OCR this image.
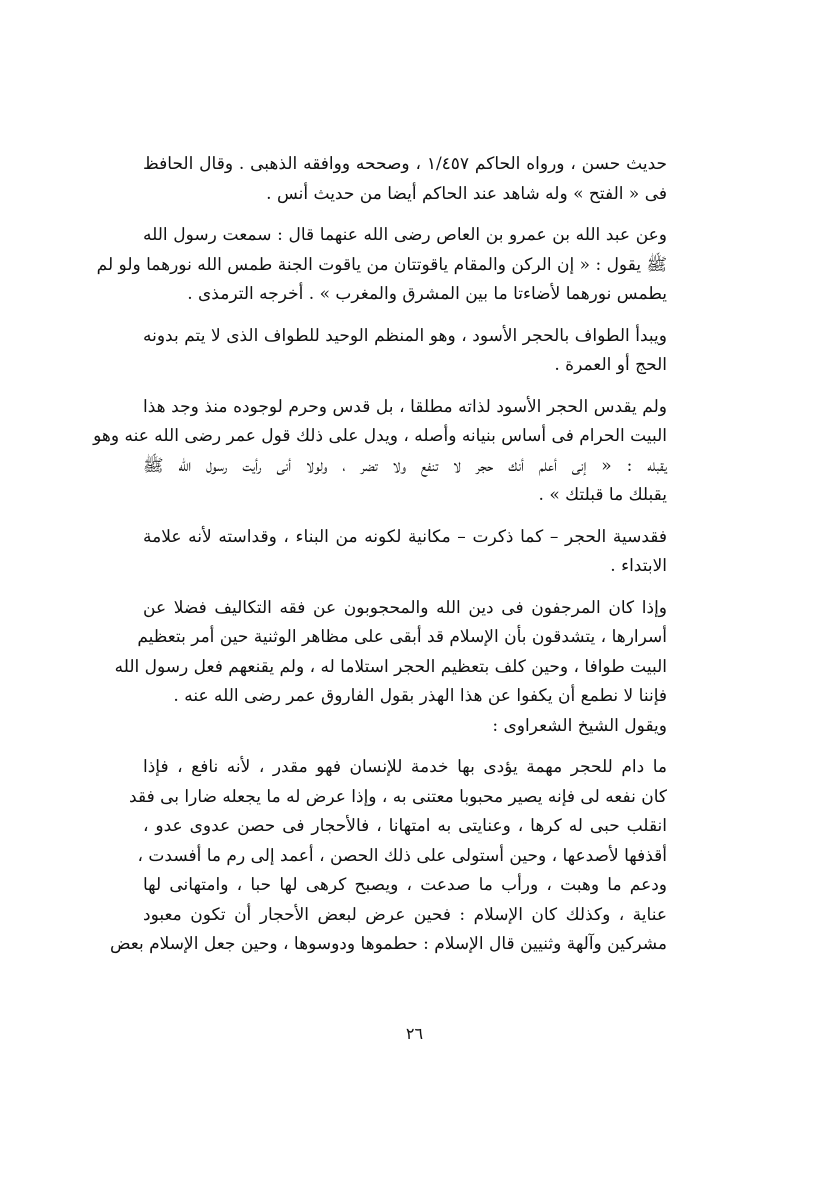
حديث حسن ، ورواه الحاكم ١/٤٥٧ ، وصححه ووافقه الذهبى . وقال الحافظ
فى « الفتح » وله شاهد عند الحاكم أيضا من حديث أنس .

وعن عبد الله بن عمرو بن العاص رضى الله عنهما قال : سمعت رسول الله
ﷺ يقول : « إن الركن والمقام ياقوتتان من ياقوت الجنة طمس الله نورهما ولو لم
يطمس نورهما لأضاءتا ما بين المشرق والمغرب » . أخرجه الترمذى .

ويبدأ الطواف بالحجر الأسود ، وهو المنظم الوحيد للطواف الذى لا يتم بدونه
الحج أو العمرة .

ولم يقدس الحجر الأسود لذاته مطلقا ، بل قدس وحرم لوجوده منذ وجد هذا
البيت الحرام فى أساس بنيانه وأصله ، ويدل على ذلك قول عمر رضى الله عنه وهو
يقبله : « إنى أعلم أنك حجر لا تنفع ولا تضر ، ولولا أنى رأيت رسول الله ﷺ
يقبلك ما قبلتك » .

فقدسية الحجر – كما ذكرت – مكانية لكونه من البناء ، وقداسته لأنه علامة
الابتداء .

وإذا كان المرجفون فى دين الله والمحجوبون عن فقه التكاليف فضلا عن
أسرارها ، يتشدقون بأن الإسلام قد أبقى على مظاهر الوثنية حين أمر بتعظيم
البيت طوافا ، وحين كلف بتعظيم الحجر استلاما له ، ولم يقنعهم فعل رسول الله
فإننا لا نطمع أن يكفوا عن هذا الهذر بقول الفاروق عمر رضى الله عنه .
ويقول الشيخ الشعراوى :

ما دام للحجر مهمة يؤدى بها خدمة للإنسان فهو مقدر ، لأنه نافع ، فإذا
كان نفعه لى فإنه يصير محبوبا معتنى به ، وإذا عرض له ما يجعله ضارا بى فقد
انقلب حبى له كرها ، وعنايتى به امتهانا ، فالأحجار فى حصن عدوى عدو ،
أقذفها لأصدعها ، وحين أستولى على ذلك الحصن ، أعمد إلى رم ما أفسدت ،
ودعم ما وهبت ، ورأب ما صدعت ، ويصبح كرهى لها حبا ، وامتهانى لها
عناية ، وكذلك كان الإسلام : فحين عرض لبعض الأحجار أن تكون معبود
مشركين وآلهة وثنيين قال الإسلام : حطموها ودوسوها ، وحين جعل الإسلام بعض

٢٦
